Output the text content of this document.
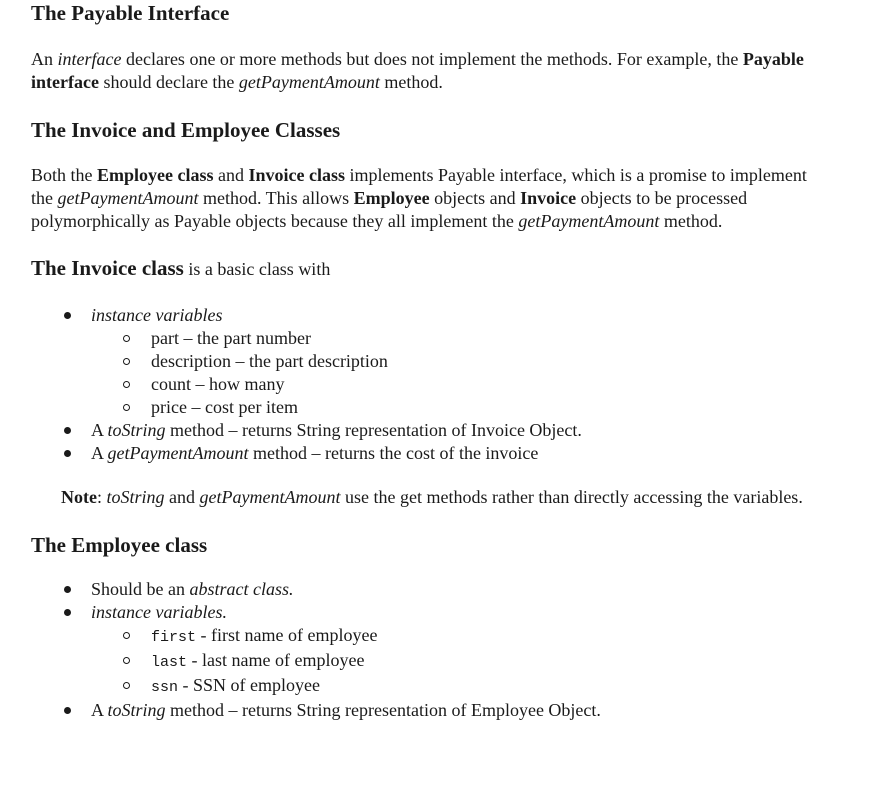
The Payable Interface

An interface declares one or more methods but does not implement the methods. For example, the Payable interface should declare the getPaymentAmount method.

The Invoice and Employee Classes

Both the Employee class and Invoice class implements Payable interface, which is a promise to implement the getPaymentAmount method. This allows Employee objects and Invoice objects to be processed polymorphically as Payable objects because they all implement the getPaymentAmount method.

The Invoice class is a basic class with
instance variables
part – the part number
description – the part description
count – how many
price – cost per item
A toString method – returns String representation of Invoice Object.
A getPaymentAmount method – returns the cost of the invoice

Note: toString and getPaymentAmount use the get methods rather than directly accessing the variables.

The Employee class
Should be an abstract class.
instance variables.
first - first name of employee
last - last name of employee
ssn - SSN of employee
A toString method – returns String representation of Employee Object.
